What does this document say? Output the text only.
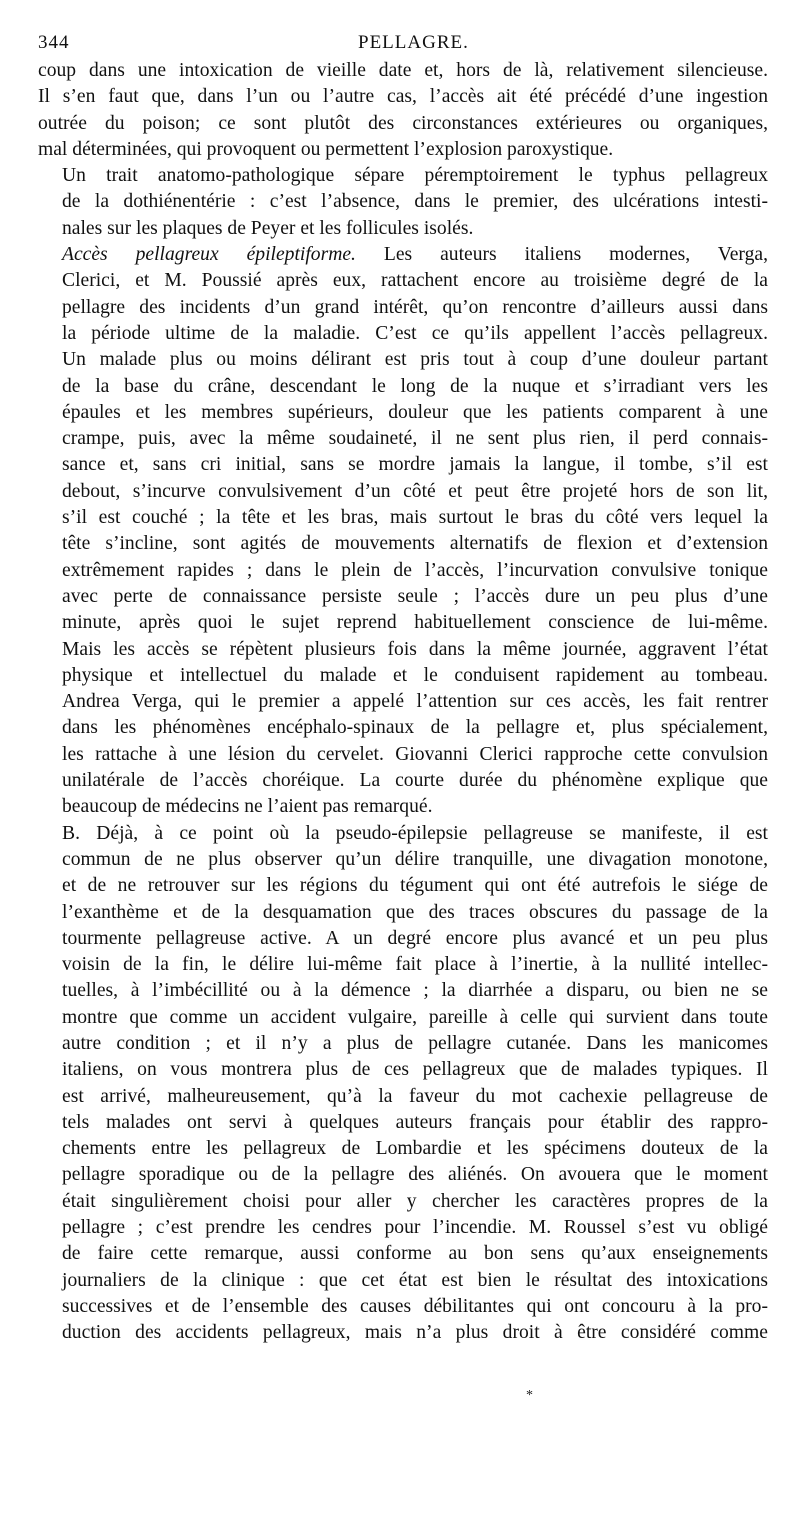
344	PELLAGRE.

coup dans une intoxication de vieille date et, hors de là, relativement silencieuse.
Il s’en faut que, dans l’un ou l’autre cas, l’accès ait été précédé d’une ingestion
outrée du poison; ce sont plutôt des circonstances extérieures ou organiques,
mal déterminées, qui provoquent ou permettent l’explosion paroxystique.

Un trait anatomo-pathologique sépare péremptoirement le typhus pellagreux
de la dothiénentérie : c’est l’absence, dans le premier, des ulcérations intesti-
nales sur les plaques de Peyer et les follicules isolés.

Accès pellagreux épileptiforme. Les auteurs italiens modernes, Verga,
Clerici, et M. Poussié après eux, rattachent encore au troisième degré de la
pellagre des incidents d’un grand intérêt, qu’on rencontre d’ailleurs aussi dans
la période ultime de la maladie. C’est ce qu’ils appellent l’accès pellagreux.
Un malade plus ou moins délirant est pris tout à coup d’une douleur partant
de la base du crâne, descendant le long de la nuque et s’irradiant vers les
épaules et les membres supérieurs, douleur que les patients comparent à une
crampe, puis, avec la même soudaineté, il ne sent plus rien, il perd connais-
sance et, sans cri initial, sans se mordre jamais la langue, il tombe, s’il est
debout, s’incurve convulsivement d’un côté et peut être projeté hors de son lit,
s’il est couché ; la tête et les bras, mais surtout le bras du côté vers lequel la
tête s’incline, sont agités de mouvements alternatifs de flexion et d’extension
extrêmement rapides ; dans le plein de l’accès, l’incurvation convulsive tonique
avec perte de connaissance persiste seule ; l’accès dure un peu plus d’une
minute, après quoi le sujet reprend habituellement conscience de lui-même.
Mais les accès se répètent plusieurs fois dans la même journée, aggravent l’état
physique et intellectuel du malade et le conduisent rapidement au tombeau.
Andrea Verga, qui le premier a appelé l’attention sur ces accès, les fait rentrer
dans les phénomènes encéphalo-spinaux de la pellagre et, plus spécialement,
les rattache à une lésion du cervelet. Giovanni Clerici rapproche cette convulsion
unilatérale de l’accès choréique. La courte durée du phénomène explique que
beaucoup de médecins ne l’aient pas remarqué.

B. Déjà, à ce point où la pseudo-épilepsie pellagreuse se manifeste, il est
commun de ne plus observer qu’un délire tranquille, une divagation monotone,
et de ne retrouver sur les régions du tégument qui ont été autrefois le siége de
l’exanthème et de la desquamation que des traces obscures du passage de la
tourmente pellagreuse active. A un degré encore plus avancé et un peu plus
voisin de la fin, le délire lui-même fait place à l’inertie, à la nullité intellec-
tuelles, à l’imbécillité ou à la démence ; la diarrhée a disparu, ou bien ne se
montre que comme un accident vulgaire, pareille à celle qui survient dans toute
autre condition ; et il n’y a plus de pellagre cutanée. Dans les manicomes
italiens, on vous montrera plus de ces pellagreux que de malades typiques. Il
est arrivé, malheureusement, qu’à la faveur du mot cachexie pellagreuse de
tels malades ont servi à quelques auteurs français pour établir des rappro-
chements entre les pellagreux de Lombardie et les spécimens douteux de la
pellagre sporadique ou de la pellagre des aliénés. On avouera que le moment
était singulièrement choisi pour aller y chercher les caractères propres de la
pellagre ; c’est prendre les cendres pour l’incendie. M. Roussel s’est vu obligé
de faire cette remarque, aussi conforme au bon sens qu’aux enseignements
journaliers de la clinique : que cet état est bien le résultat des intoxications
successives et de l’ensemble des causes débilitantes qui ont concouru à la pro-
duction des accidents pellagreux, mais n’a plus droit à être considéré comme

*
